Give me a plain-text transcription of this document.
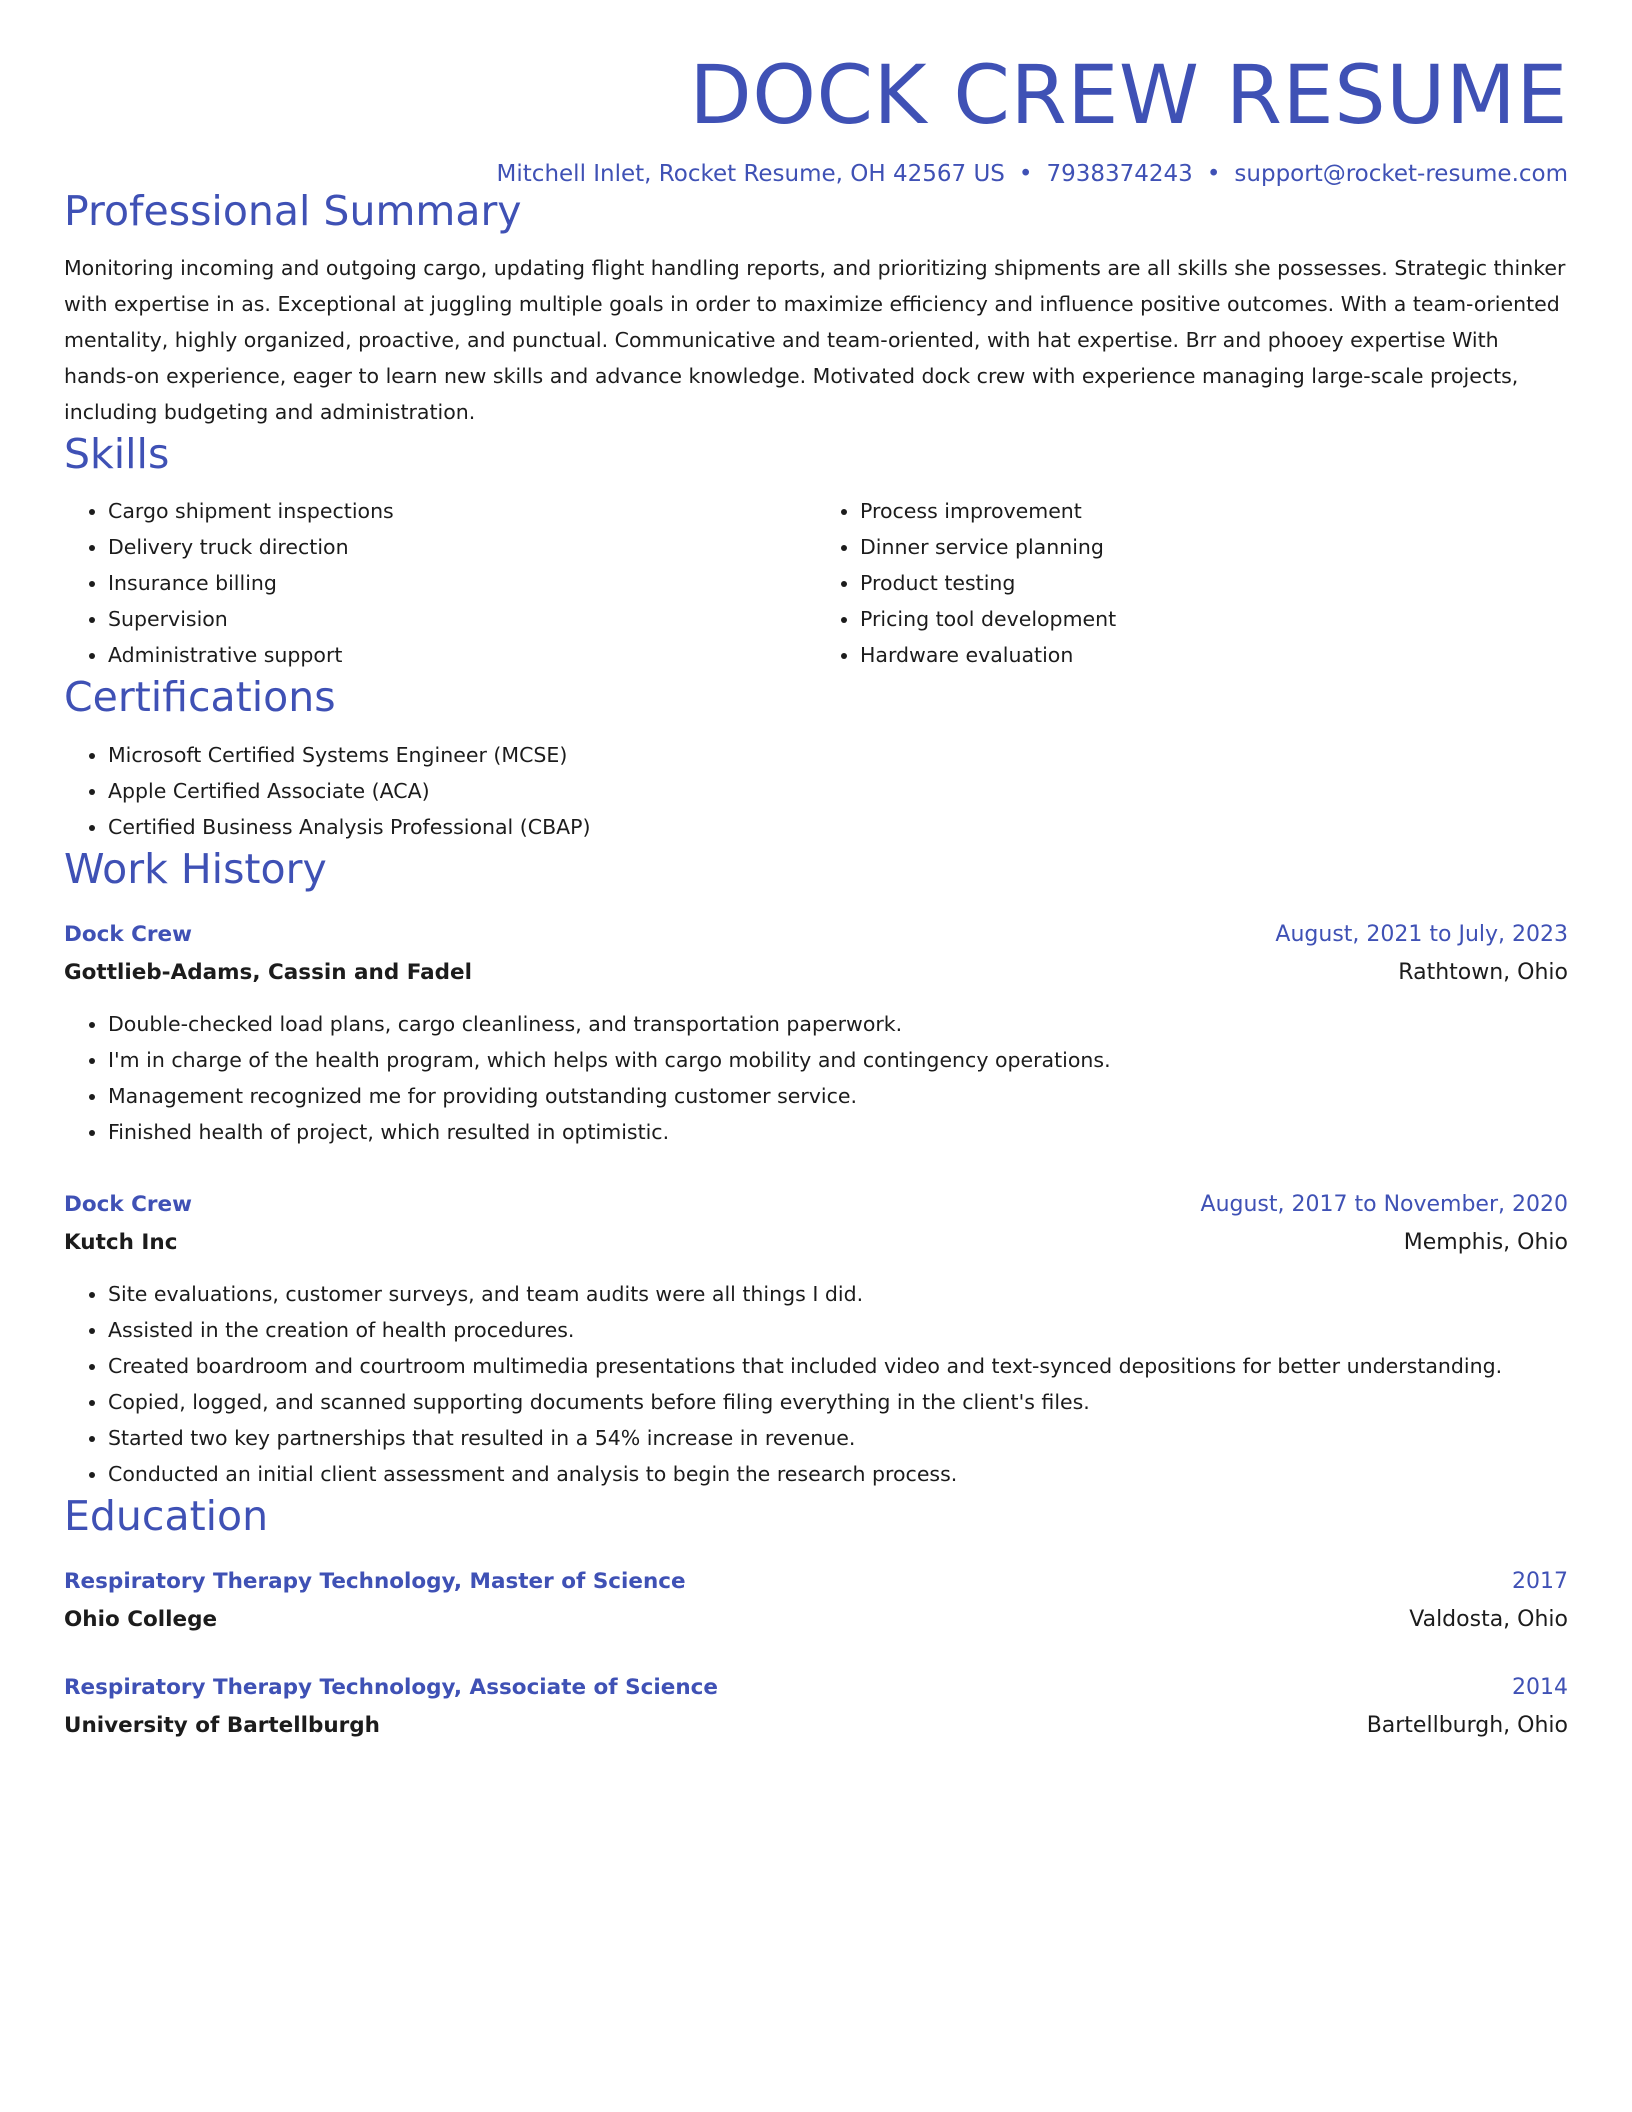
DOCK CREW RESUME
Mitchell Inlet, Rocket Resume, OH 42567 US • 7938374243 • support@rocket-resume.com
Professional Summary

Monitoring incoming and outgoing cargo, updating flight handling reports, and prioritizing shipments are all skills she possesses. Strategic thinker with expertise in as. Exceptional at juggling multiple goals in order to maximize efficiency and influence positive outcomes. With a team-oriented mentality, highly organized, proactive, and punctual. Communicative and team-oriented, with hat expertise. Brr and phooey expertise With hands-on experience, eager to learn new skills and advance knowledge. Motivated dock crew with experience managing large-scale projects, including budgeting and administration.

Skills
• Cargo shipment inspections
• Delivery truck direction
• Insurance billing
• Supervision
• Administrative support
• Process improvement
• Dinner service planning
• Product testing
• Pricing tool development
• Hardware evaluation
Certifications
• Microsoft Certified Systems Engineer (MCSE)
• Apple Certified Associate (ACA)
• Certified Business Analysis Professional (CBAP)
Work History
Dock Crew	August, 2021 to July, 2023
Gottlieb-Adams, Cassin and Fadel	Rathtown, Ohio
• Double-checked load plans, cargo cleanliness, and transportation paperwork.
• I'm in charge of the health program, which helps with cargo mobility and contingency operations.
• Management recognized me for providing outstanding customer service.
• Finished health of project, which resulted in optimistic.
Dock Crew	August, 2017 to November, 2020
Kutch Inc	Memphis, Ohio
• Site evaluations, customer surveys, and team audits were all things I did.
• Assisted in the creation of health procedures.
• Created boardroom and courtroom multimedia presentations that included video and text-synced depositions for better understanding.
• Copied, logged, and scanned supporting documents before filing everything in the client's files.
• Started two key partnerships that resulted in a 54% increase in revenue.
• Conducted an initial client assessment and analysis to begin the research process.
Education
Respiratory Therapy Technology, Master of Science	2017
Ohio College	Valdosta, Ohio
Respiratory Therapy Technology, Associate of Science	2014
University of Bartellburgh	Bartellburgh, Ohio
